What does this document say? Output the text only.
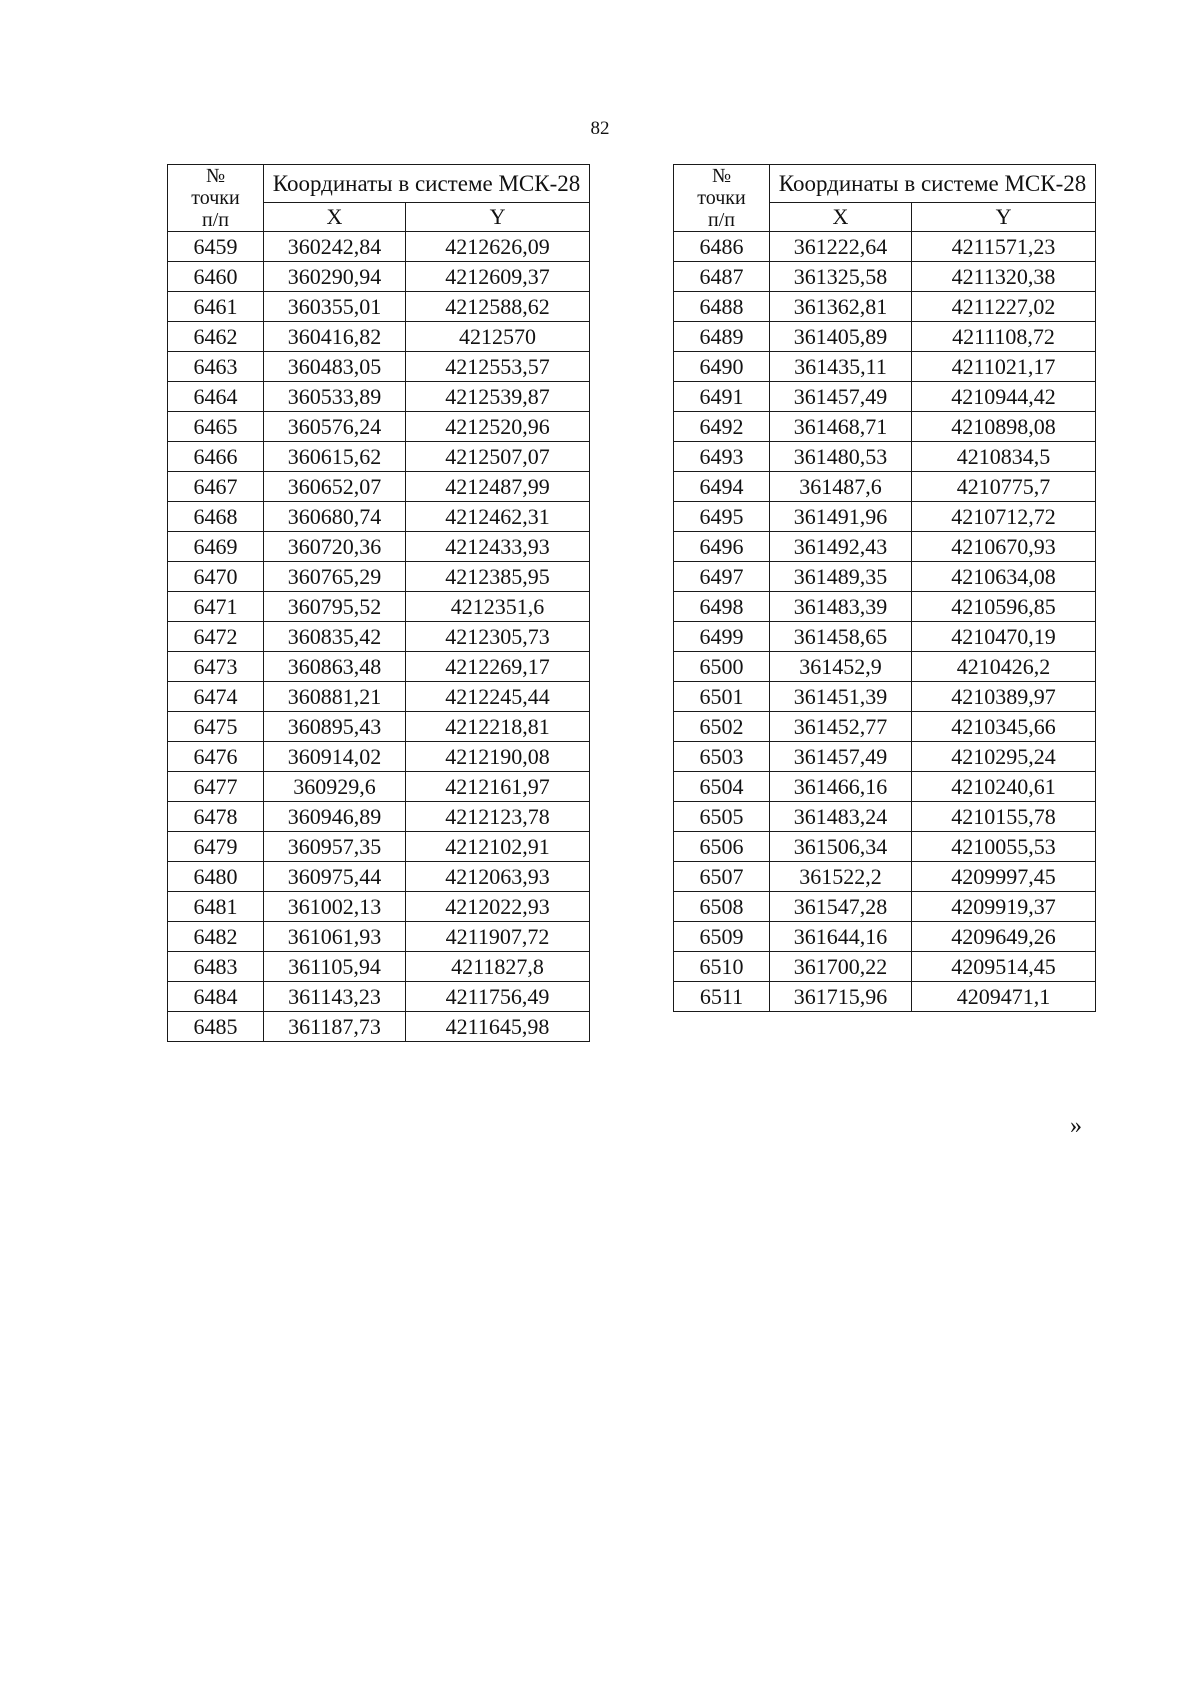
82
№
точки
п/п	Координаты в системе МСК-28	
	X	Y
6459	360242,84	4212626,09
6460	360290,94	4212609,37
6461	360355,01	4212588,62
6462	360416,82	4212570
6463	360483,05	4212553,57
6464	360533,89	4212539,87
6465	360576,24	4212520,96
6466	360615,62	4212507,07
6467	360652,07	4212487,99
6468	360680,74	4212462,31
6469	360720,36	4212433,93
6470	360765,29	4212385,95
6471	360795,52	4212351,6
6472	360835,42	4212305,73
6473	360863,48	4212269,17
6474	360881,21	4212245,44
6475	360895,43	4212218,81
6476	360914,02	4212190,08
6477	360929,6	4212161,97
6478	360946,89	4212123,78
6479	360957,35	4212102,91
6480	360975,44	4212063,93
6481	361002,13	4212022,93
6482	361061,93	4211907,72
6483	361105,94	4211827,8
6484	361143,23	4211756,49
6485	361187,73	4211645,98
№
точки
п/п	Координаты в системе МСК-28	
	X	Y
6486	361222,64	4211571,23
6487	361325,58	4211320,38
6488	361362,81	4211227,02
6489	361405,89	4211108,72
6490	361435,11	4211021,17
6491	361457,49	4210944,42
6492	361468,71	4210898,08
6493	361480,53	4210834,5
6494	361487,6	4210775,7
6495	361491,96	4210712,72
6496	361492,43	4210670,93
6497	361489,35	4210634,08
6498	361483,39	4210596,85
6499	361458,65	4210470,19
6500	361452,9	4210426,2
6501	361451,39	4210389,97
6502	361452,77	4210345,66
6503	361457,49	4210295,24
6504	361466,16	4210240,61
6505	361483,24	4210155,78
6506	361506,34	4210055,53
6507	361522,2	4209997,45
6508	361547,28	4209919,37
6509	361644,16	4209649,26
6510	361700,22	4209514,45
6511	361715,96	4209471,1
»
